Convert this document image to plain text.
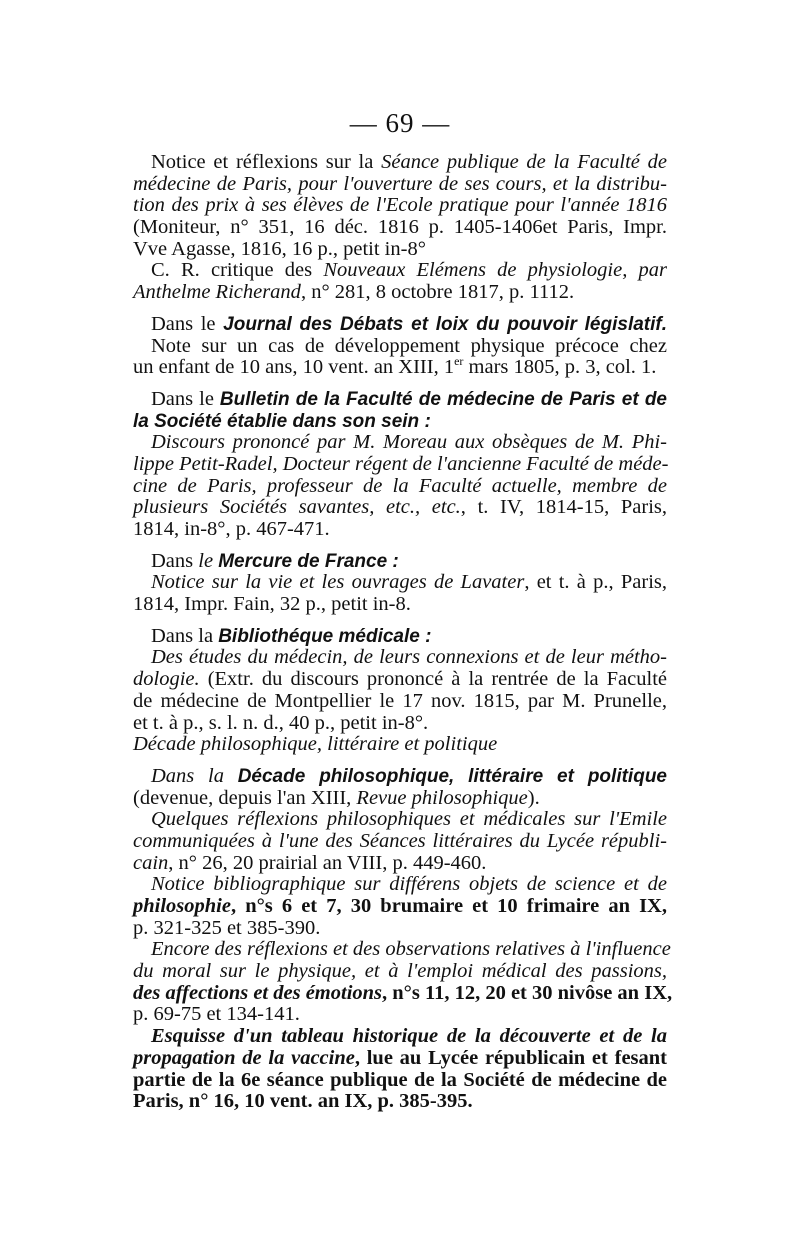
— 69 —
Notice et réflexions sur la Séance publique de la Faculté de
médecine de Paris, pour l'ouverture de ses cours, et la distribu-
tion des prix à ses élèves de l'Ecole pratique pour l'année 1816
(Moniteur, n° 351, 16 déc. 1816 p. 1405-1406et Paris, Impr.
Vve Agasse, 1816, 16 p., petit in-8°
C. R. critique des Nouveaux Elémens de physiologie, par
Anthelme Richerand, n° 281, 8 octobre 1817, p. 1112.
Dans le Journal des Débats et loix du pouvoir législatif.
Note sur un cas de développement physique précoce chez
un enfant de 10 ans, 10 vent. an XIII, 1er mars 1805, p. 3, col. 1.
Dans le Bulletin de la Faculté de médecine de Paris et de
la Société établie dans son sein :
Discours prononcé par M. Moreau aux obsèques de M. Phi-
lippe Petit-Radel, Docteur régent de l'ancienne Faculté de méde-
cine de Paris, professeur de la Faculté actuelle, membre de
plusieurs Sociétés savantes, etc., etc., t. IV, 1814-15, Paris,
1814, in-8°, p. 467-471.
Dans le Mercure de France :
Notice sur la vie et les ouvrages de Lavater, et t. à p., Paris,
1814, Impr. Fain, 32 p., petit in-8.
Dans la Bibliothéque médicale :
Des études du médecin, de leurs connexions et de leur métho-
dologie. (Extr. du discours prononcé à la rentrée de la Faculté
de médecine de Montpellier le 17 nov. 1815, par M. Prunelle,
et t. à p., s. l. n. d., 40 p., petit in-8°.
Décade philosophique, littéraire et politique
Dans la Décade philosophique, littéraire et politique
(devenue, depuis l'an XIII, Revue philosophique).
Quelques réflexions philosophiques et médicales sur l'Emile
communiquées à l'une des Séances littéraires du Lycée républi-
cain, n° 26, 20 prairial an VIII, p. 449-460.
Notice bibliographique sur différens objets de science et de
philosophie, n°s 6 et 7, 30 brumaire et 10 frimaire an IX,
p. 321-325 et 385-390.
Encore des réflexions et des observations relatives à l'influence
du moral sur le physique, et à l'emploi médical des passions,
des affections et des émotions, n°s 11, 12, 20 et 30 nivôse an IX,
p. 69-75 et 134-141.
Esquisse d'un tableau historique de la découverte et de la
propagation de la vaccine, lue au Lycée républicain et fesant
partie de la 6e séance publique de la Société de médecine de
Paris, n° 16, 10 vent. an IX, p. 385-395.
